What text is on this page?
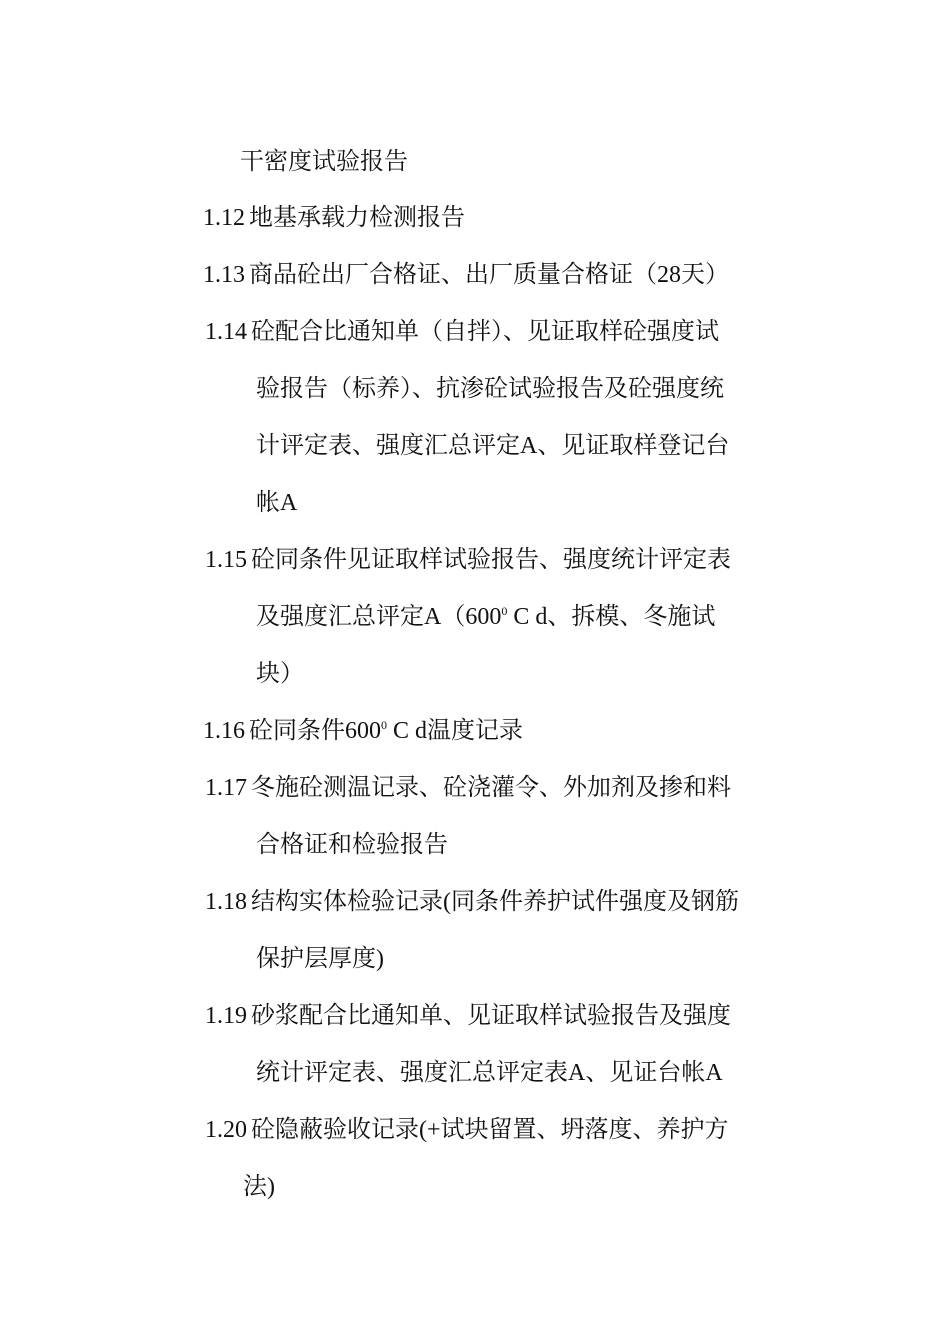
干密度试验报告
1.12 地基承载力检测报告
1.13 商品砼出厂合格证、出厂质量合格证（28天）
1.14 砼配合比通知单（自拌）、见证取样砼强度试
验报告（标养）、抗渗砼试验报告及砼强度统
计评定表、强度汇总评定A、见证取样登记台
帐A
1.15 砼同条件见证取样试验报告、强度统计评定表
及强度汇总评定$A(600^0$ C d、拆模、冬施试
块）
1.16 砼同条件$600^0$ C d温度记录
1.17 冬施砼测温记录、砼浇灌令、外加剂及掺和料
合格证和检验报告
1.18 结构实体检验记录(同条件养护试件强度及钢筋
保护层厚度)
1.19 砂浆配合比通知单、见证取样试验报告及强度
统计评定表、强度汇总评定表A、见证台帐A
1.20 砼隐蔽验收记录(+试块留置、坍落度、养护方
法)
